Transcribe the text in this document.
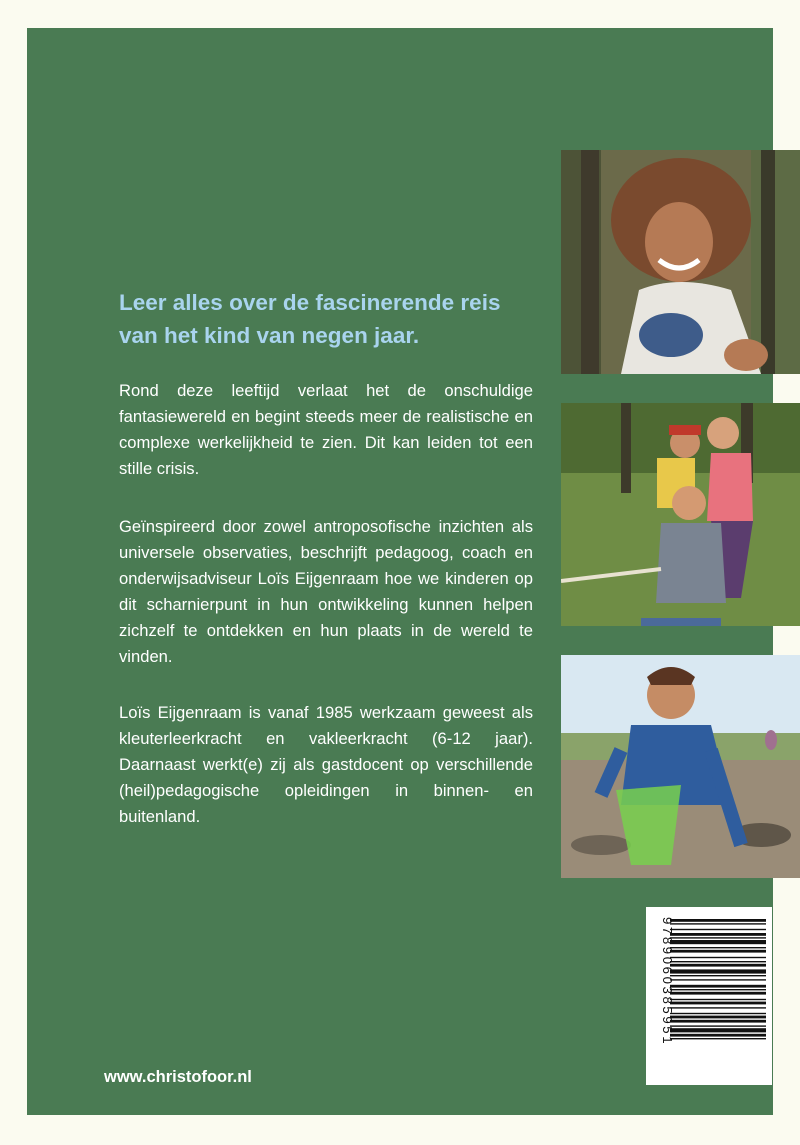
Leer alles over de fascinerende reis
van het kind van negen jaar.
Rond deze leeftijd verlaat het de onschuldige fantasiewereld en begint steeds meer de realistische en complexe werkelijkheid te zien. Dit kan leiden tot een stille crisis.
Geïnspireerd door zowel antroposofische inzichten als universele observaties, beschrijft pedagoog, coach en onderwijsadviseur Loïs Eijgenraam hoe we kinderen op dit scharnierpunt in hun ontwikkeling kunnen helpen zichzelf te ontdekken en hun plaats in de wereld te vinden.
Loïs Eijgenraam is vanaf 1985 werkzaam geweest als kleuterleerkracht en vakleerkracht (6-12 jaar). Daarnaast werkt(e) zij als gastdocent op verschillende (heil)pedagogische opleidingen in binnen- en buitenland.
www.christofoor.nl
9789060385951
